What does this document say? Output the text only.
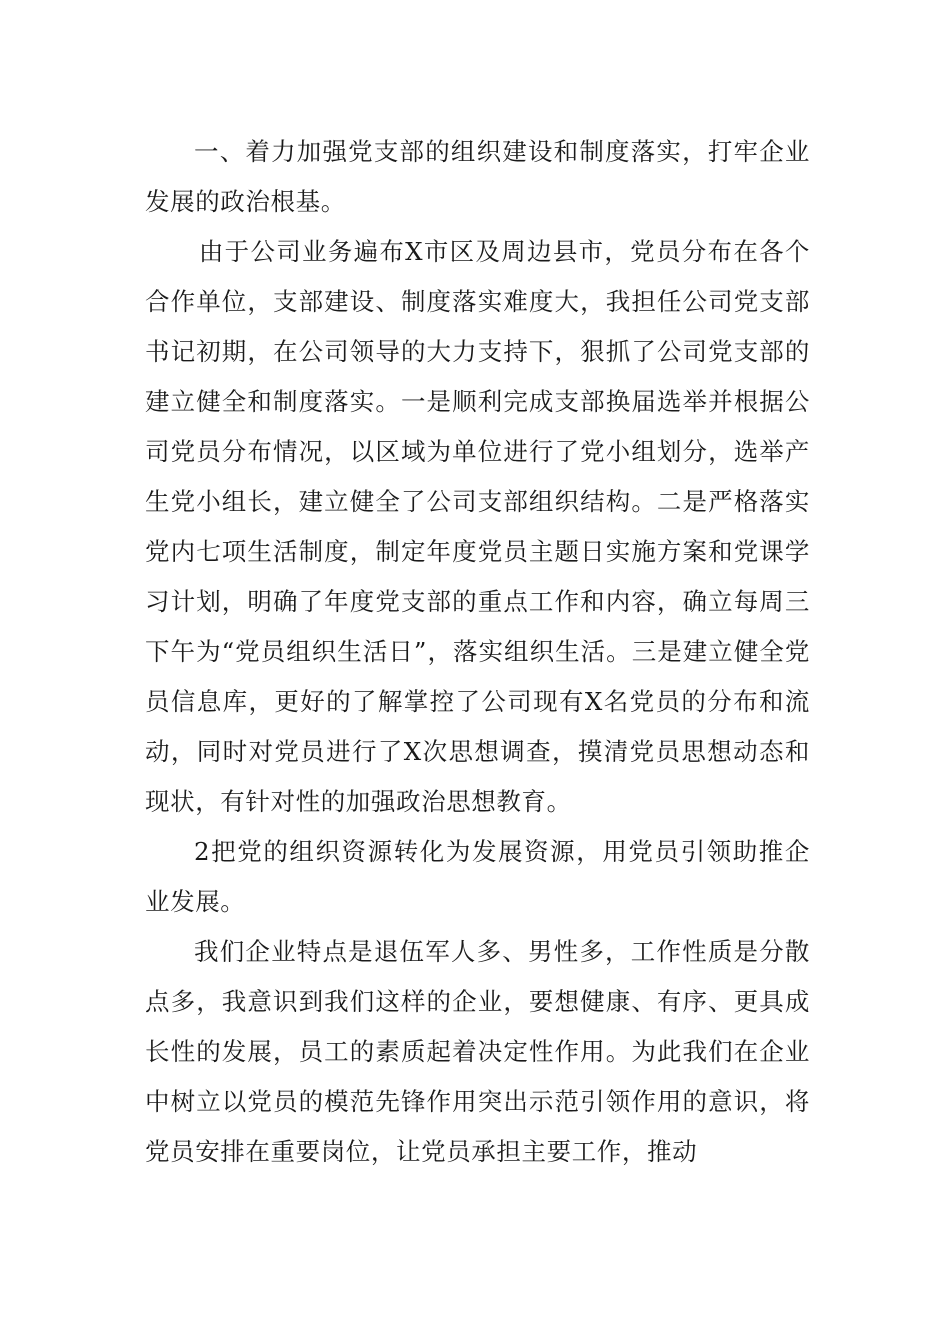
一、着力加强党支部的组织建设和制度落实，打牢企业发展的政治根基。

由于公司业务遍布X市区及周边县市，党员分布在各个合作单位，支部建设、制度落实难度大，我担任公司党支部书记初期，在公司领导的大力支持下，狠抓了公司党支部的建立健全和制度落实。一是顺利完成支部换届选举并根据公司党员分布情况，以区域为单位进行了党小组划分，选举产生党小组长，建立健全了公司支部组织结构。二是严格落实党内七项生活制度，制定年度党员主题日实施方案和党课学习计划，明确了年度党支部的重点工作和内容，确立每周三下午为“党员组织生活日”，落实组织生活。三是建立健全党员信息库，更好的了解掌控了公司现有X名党员的分布和流动，同时对党员进行了X次思想调查，摸清党员思想动态和现状，有针对性的加强政治思想教育。

2把党的组织资源转化为发展资源，用党员引领助推企业发展。

我们企业特点是退伍军人多、男性多，工作性质是分散点多，我意识到我们这样的企业，要想健康、有序、更具成长性的发展，员工的素质起着决定性作用。为此我们在企业中树立以党员的模范先锋作用突出示范引领作用的意识，将党员安排在重要岗位，让党员承担主要工作，推动
